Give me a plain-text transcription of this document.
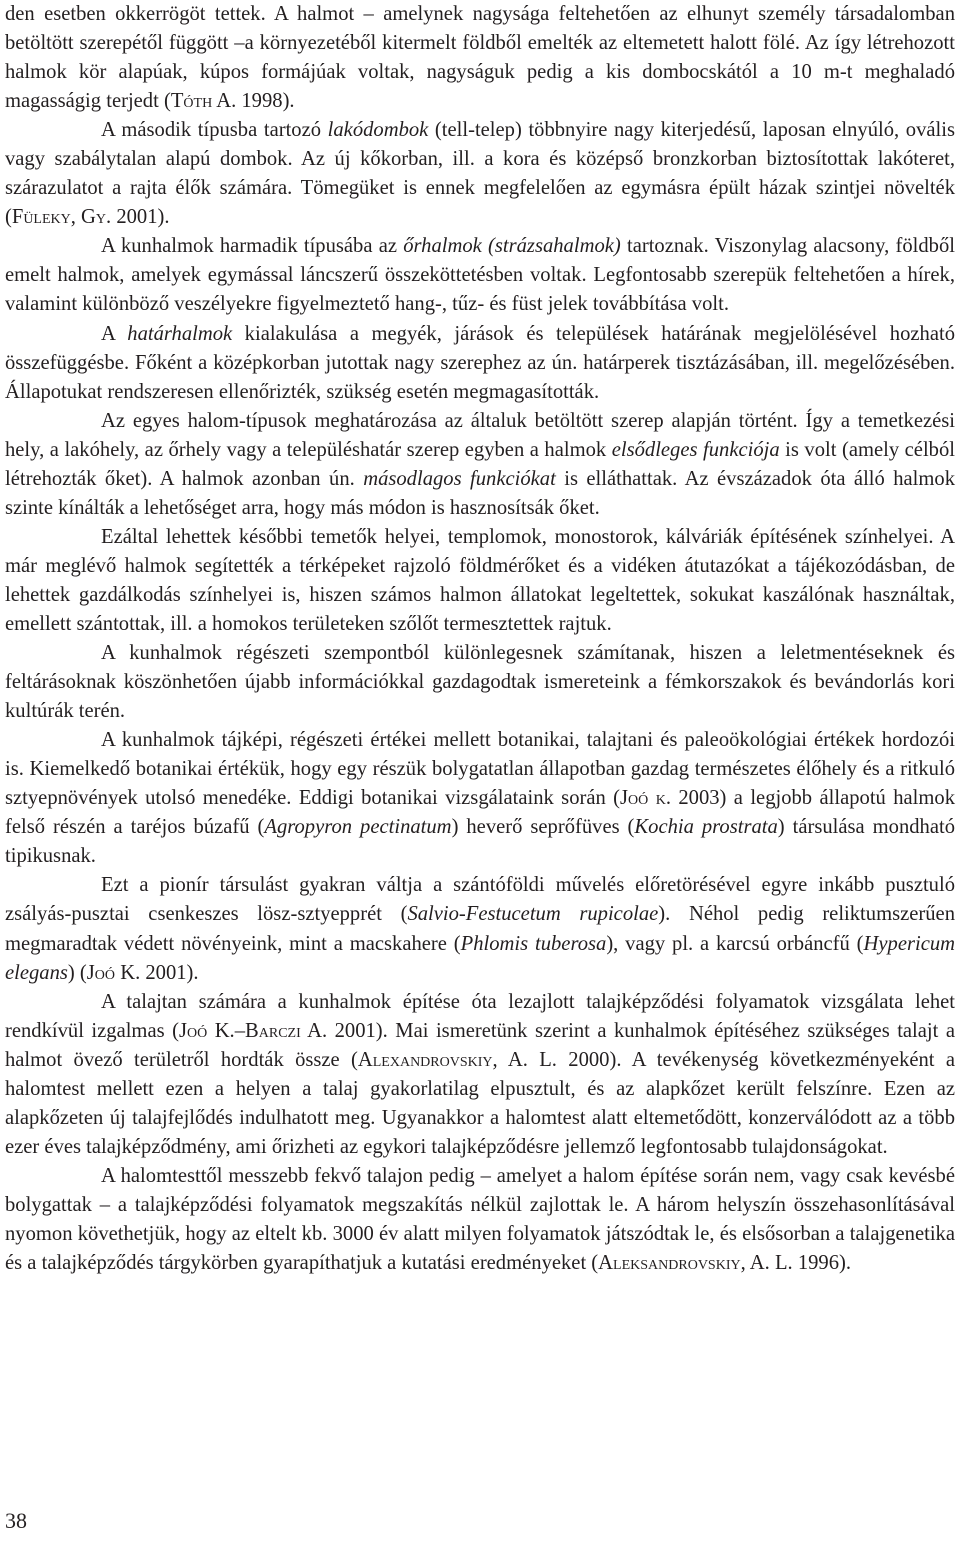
den esetben okkerrögöt tettek. A halmot – amelynek nagysága feltehetően az elhunyt személy társadalomban betöltött szerepétől függött –a környezetéből kitermelt földből emelték az eltemetett halott fölé. Az így létrehozott halmok kör alapúak, kúpos formájúak voltak, nagyságuk pedig a kis dombocskától a 10 m-t meghaladó magasságig terjedt (Tóth A. 1998).

A második típusba tartozó lakódombok (tell-telep) többnyire nagy kiterjedésű, laposan elnyúló, ovális vagy szabálytalan alapú dombok. Az új kőkorban, ill. a kora és középső bronzkorban biztosítottak lakóteret, szárazulatot a rajta élők számára. Tömegüket is ennek megfelelően az egymásra épült házak szintjei növelték (Füleky, Gy. 2001).

A kunhalmok harmadik típusába az őrhalmok (strázsahalmok) tartoznak. Viszonylag alacsony, földből emelt halmok, amelyek egymással láncszerű összeköttetésben voltak. Legfontosabb szerepük feltehetően a hírek, valamint különböző veszélyekre figyelmeztető hang-, tűz- és füst jelek továbbítása volt.

A határhalmok kialakulása a megyék, járások és települések határának megjelölésével hozható összefüggésbe. Főként a középkorban jutottak nagy szerephez az ún. határperek tisztázásában, ill. megelőzésében. Állapotukat rendszeresen ellenőrizték, szükség esetén megmagasították.

Az egyes halom-típusok meghatározása az általuk betöltött szerep alapján történt. Így a temetkezési hely, a lakóhely, az őrhely vagy a településhatár szerep egyben a halmok elsődleges funkciója is volt (amely célból létrehozták őket). A halmok azonban ún. másodlagos funkciókat is elláthattak. Az évszázadok óta álló halmok szinte kínálták a lehetőséget arra, hogy más módon is hasznosítsák őket.

Ezáltal lehettek későbbi temetők helyei, templomok, monostorok, kálváriák építésének színhelyei. A már meglévő halmok segítették a térképeket rajzoló földmérőket és a vidéken átutazókat a tájékozódásban, de lehettek gazdálkodás színhelyei is, hiszen számos halmon állatokat legeltettek, sokukat kaszálónak használtak, emellett szántottak, ill. a homokos területeken szőlőt termesztettek rajtuk.

A kunhalmok régészeti szempontból különlegesnek számítanak, hiszen a leletmentéseknek és feltárásoknak köszönhetően újabb információkkal gazdagodtak ismereteink a fémkorszakok és bevándorlás kori kultúrák terén.

A kunhalmok tájképi, régészeti értékei mellett botanikai, talajtani és paleoökológiai értékek hordozói is. Kiemelkedő botanikai értékük, hogy egy részük bolygatatlan állapotban gazdag természetes élőhely és a ritkuló sztyepnövények utolsó menedéke. Eddigi botanikai vizsgálataink során (Joó k. 2003) a legjobb állapotú halmok felső részén a taréjos búzafű (Agropyron pectinatum) heverő seprőfüves (Kochia prostrata) társulása mondható tipikusnak.

Ezt a pionír társulást gyakran váltja a szántóföldi művelés előretörésével egyre inkább pusztuló zsályás-pusztai csenkeszes lösz-sztyepprét (Salvio-Festucetum rupicolae). Néhol pedig reliktumszerűen megmaradtak védett növényeink, mint a macskahere (Phlomis tuberosa), vagy pl. a karcsú orbáncfű (Hypericum elegans) (Joó K. 2001).

A talajtan számára a kunhalmok építése óta lezajlott talajképződési folyamatok vizsgálata lehet rendkívül izgalmas (Joó K.–Barczi A. 2001). Mai ismeretünk szerint a kunhalmok építéséhez szükséges talajt a halmot övező területről hordták össze (Alexandrovskiy, A. L. 2000). A tevékenység következményeként a halomtest mellett ezen a helyen a talaj gyakorlatilag elpusztult, és az alapkőzet került felszínre. Ezen az alapkőzeten új talajfejlődés indulhatott meg. Ugyanakkor a halomtest alatt eltemetődött, konzerválódott az a több ezer éves talajképződmény, ami őrizheti az egykori talajképződésre jellemző legfontosabb tulajdonságokat.

A halomtesttől messzebb fekvő talajon pedig – amelyet a halom építése során nem, vagy csak kevésbé bolygattak – a talajképződési folyamatok megszakítás nélkül zajlottak le. A három helyszín összehasonlításával nyomon követhetjük, hogy az eltelt kb. 3000 év alatt milyen folyamatok játszódtak le, és elsősorban a talajgenetika és a talajképződés tárgykörben gyarapíthatjuk a kutatási eredményeket (Aleksandrovskiy, A. L. 1996).

38
